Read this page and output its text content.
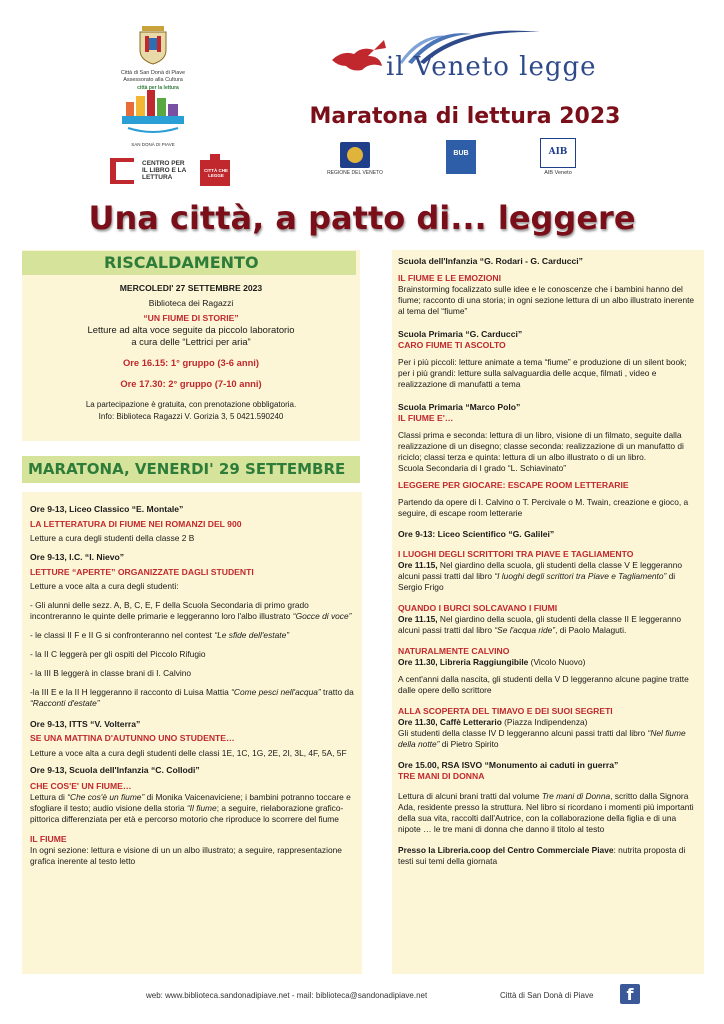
Città di San Donà di Piave
Assessorato alla Cultura
città per la lettura
SAN DONÀ DI PIAVE
CENTRO PER IL LIBRO E LA LETTURA
CITTÀ CHE LEGGE
il Veneto legge
Maratona di lettura 2023
REGIONE DEL VENETO
BUB	AIB
AIB Veneto
Una città, a patto di... leggere
RISCALDAMENTO
MERCOLEDI' 27 SETTEMBRE 2023
Biblioteca dei Ragazzi
“UN FIUME DI STORIE”
Letture ad alta voce seguite da piccolo laboratorio
a cura delle “Lettrici per aria”
Ore 16.15: 1° gruppo (3-6 anni)
Ore 17.30: 2° gruppo (7-10 anni)
La partecipazione è gratuita, con prenotazione obbligatoria.
Info: Biblioteca Ragazzi V. Gorizia 3, 5 0421.590240
MARATONA, VENERDI' 29 SETTEMBRE
Ore 9-13, Liceo Classico “E. Montale”
LA LETTERATURA DI FIUME NEI ROMANZI DEL 900
Letture a cura degli studenti della classe 2 B
Ore 9-13, I.C. “I. Nievo”
LETTURE “APERTE” ORGANIZZATE DAGLI STUDENTI
Letture a voce alta a cura degli studenti:
- Gli alunni delle sezz. A, B, C, E, F della Scuola Secondaria di primo grado incontreranno le quinte delle primarie e leggeranno loro l'albo illustrato “Gocce di voce”
- le classi II F e II G si confronteranno nel contest “Le sfide dell'estate”
- la II C leggerà per gli ospiti del Piccolo Rifugio
- la III B leggerà in classe brani di I. Calvino
-la III E e la II H leggeranno il racconto di Luisa Mattia “Come pesci nell'acqua” tratto da “Racconti d'estate”
Ore 9-13, ITTS “V. Volterra”
SE UNA MATTINA D'AUTUNNO UNO STUDENTE…
Letture a voce alta a cura degli studenti delle classi 1E, 1C, 1G, 2E, 2I, 3L, 4F, 5A, 5F
Ore 9-13, Scuola dell'Infanzia “C. Collodi”
CHE COS'E' UN FIUME…
Lettura di “Che cos'è un fiume” di Monika Vaicenaviciene; i bambini potranno toccare e sfogliare il testo; audio visione della storia “Il fiume; a seguire, rielaborazione grafico-pittorica differenziata per età e percorso motorio che riproduce lo scorrere del fiume
IL FIUME
In ogni sezione: lettura e visione di un un albo illustrato; a seguire, rappresentazione grafica inerente al testo letto
Scuola dell'Infanzia “G. Rodari - G. Carducci”
IL FIUME E LE EMOZIONI
Brainstorming focalizzato sulle idee e le conoscenze che i bambini hanno del fiume; racconto di una storia; in ogni sezione lettura di un albo illustrato inerente al tema del “fiume”
Scuola Primaria “G. Carducci”
CARO FIUME TI ASCOLTO
Per i più piccoli: letture animate a tema “fiume” e produzione di un silent book; per i più grandi: letture sulla salvaguardia delle acque, filmati , video e realizzazione di manufatti a tema
Scuola Primaria “Marco Polo”
IL FIUME E'…
Classi prima e seconda: lettura di un libro, visione di un filmato, seguite dalla realizzazione di un disegno; classe seconda: realizzazione di un manufatto di riciclo; classi terza e quinta: lettura di un albo illustrato o di un libro.
Scuola Secondaria di I grado “L. Schiavinato”
LEGGERE PER GIOCARE: ESCAPE ROOM LETTERARIE
Partendo da opere di I. Calvino o T. Percivale o M. Twain, creazione e gioco, a seguire, di escape room letterarie
Ore 9-13: Liceo Scientifico “G. Galilei”
I LUOGHI DEGLI SCRITTORI TRA PIAVE E TAGLIAMENTO
Ore 11.15, Nel giardino della scuola, gli studenti della classe V E leggeranno alcuni passi tratti dal libro “I luoghi degli scrittori tra Piave e Tagliamento” di Sergio Frigo
QUANDO I BURCI SOLCAVANO I FIUMI
Ore 11.15, Nel giardino della scuola, gli studenti della classe II E leggeranno alcuni passi tratti dal libro “Se l'acqua ride”, di Paolo Malaguti.
NATURALMENTE CALVINO
Ore 11.30, Libreria Raggiungibile (Vicolo Nuovo)
A cent'anni dalla nascita, gli studenti della V D leggeranno alcune pagine tratte dalle opere dello scrittore
ALLA SCOPERTA DEL TIMAVO E DEI SUOI SEGRETI
Ore 11.30, Caffè Letterario (Piazza Indipendenza)
Gli studenti della classe IV D leggeranno alcuni passi tratti dal libro “Nel fiume della notte” di Pietro Spirito
Ore 15.00, RSA ISVO “Monumento ai caduti in guerra”
TRE MANI DI DONNA
Lettura di alcuni brani tratti dal volume Tre mani di Donna, scritto dalla Signora Ada, residente presso la struttura. Nel libro si ricordano i momenti più importanti della sua vita, raccolti dall'Autrice, con la collaborazione della figlia e di una nipote … le tre mani di donna che danno il titolo al testo
Presso la Libreria.coop del Centro Commerciale Piave: nutrita proposta di testi sui temi della giornata
web: www.biblioteca.sandonadipiave.net - mail: biblioteca@sandonadipiave.net	Città di San Donà di Piave	f
